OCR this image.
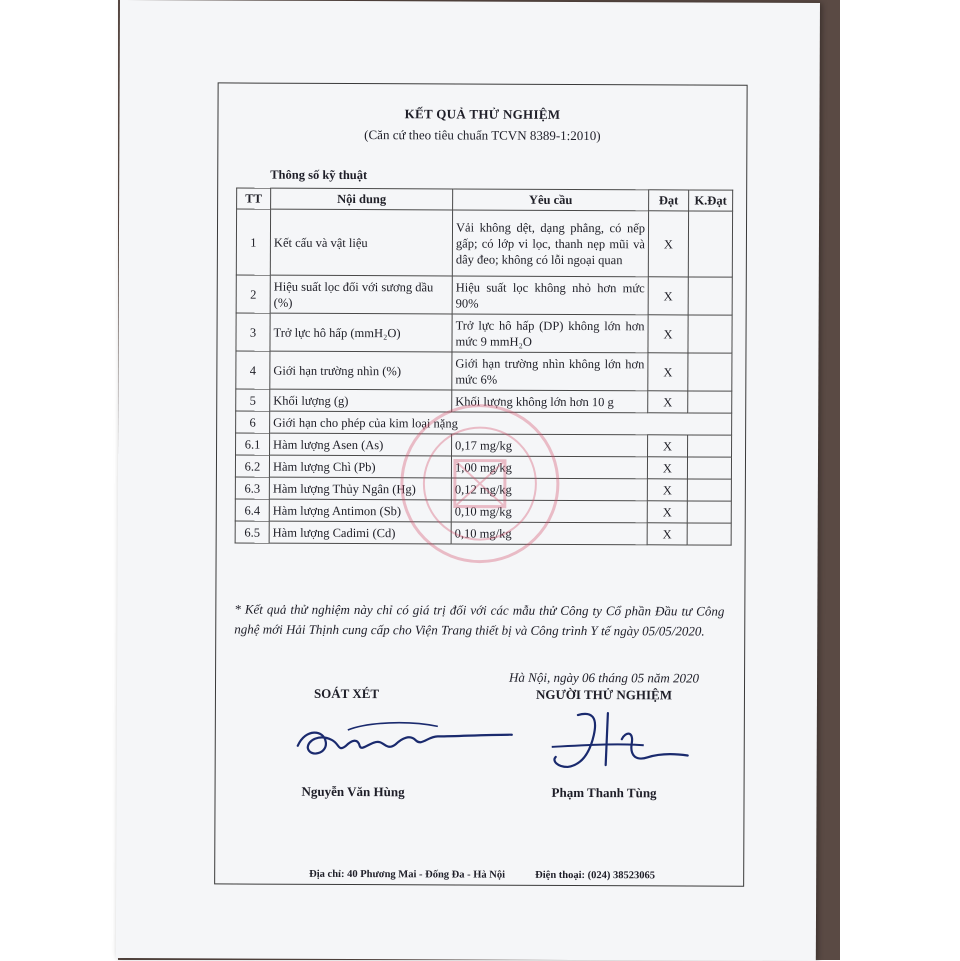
KẾT QUẢ THỬ NGHIỆM
(Căn cứ theo tiêu chuẩn TCVN 8389-1:2010)
Thông số kỹ thuật
TT	Nội dung	Yêu cầu	Đạt	K.Đạt
1	Kết cấu và vật liệu	Vải không dệt, dạng phẳng, có nếp gấp; có lớp vi lọc, thanh nẹp mũi và dây đeo; không có lỗi ngoại quan	X	
2	Hiệu suất lọc đối với sương dầu (%)	Hiệu suất lọc không nhỏ hơn mức 90%	X	
3	Trở lực hô hấp (mmH₂O)	Trở lực hô hấp (DP) không lớn hơn mức 9 mmH₂O	X	
4	Giới hạn trường nhìn (%)	Giới hạn trường nhìn không lớn hơn mức 6%	X	
5	Khối lượng (g)	Khối lượng không lớn hơn 10 g	X	
6	Giới hạn cho phép của kim loại nặng			
6.1	Hàm lượng Asen (As)	0,17 mg/kg	X	
6.2	Hàm lượng Chì (Pb)	1,00 mg/kg	X	
6.3	Hàm lượng Thủy Ngân (Hg)	0,12 mg/kg	X	
6.4	Hàm lượng Antimon (Sb)	0,10 mg/kg	X	
6.5	Hàm lượng Cadimi (Cd)	0,10 mg/kg	X	
* Kết quả thử nghiệm này chỉ có giá trị đối với các mẫu thử Công ty Cổ phần Đầu tư Công nghệ mới Hải Thịnh cung cấp cho Viện Trang thiết bị và Công trình Y tế ngày 05/05/2020.
Hà Nội, ngày 06 tháng 05 năm 2020
SOÁT XÉT	NGƯỜI THỬ NGHIỆM
Nguyễn Văn Hùng	Phạm Thanh Tùng
Địa chỉ: 40 Phương Mai - Đống Đa - Hà Nội	Điện thoại: (024) 38523065
